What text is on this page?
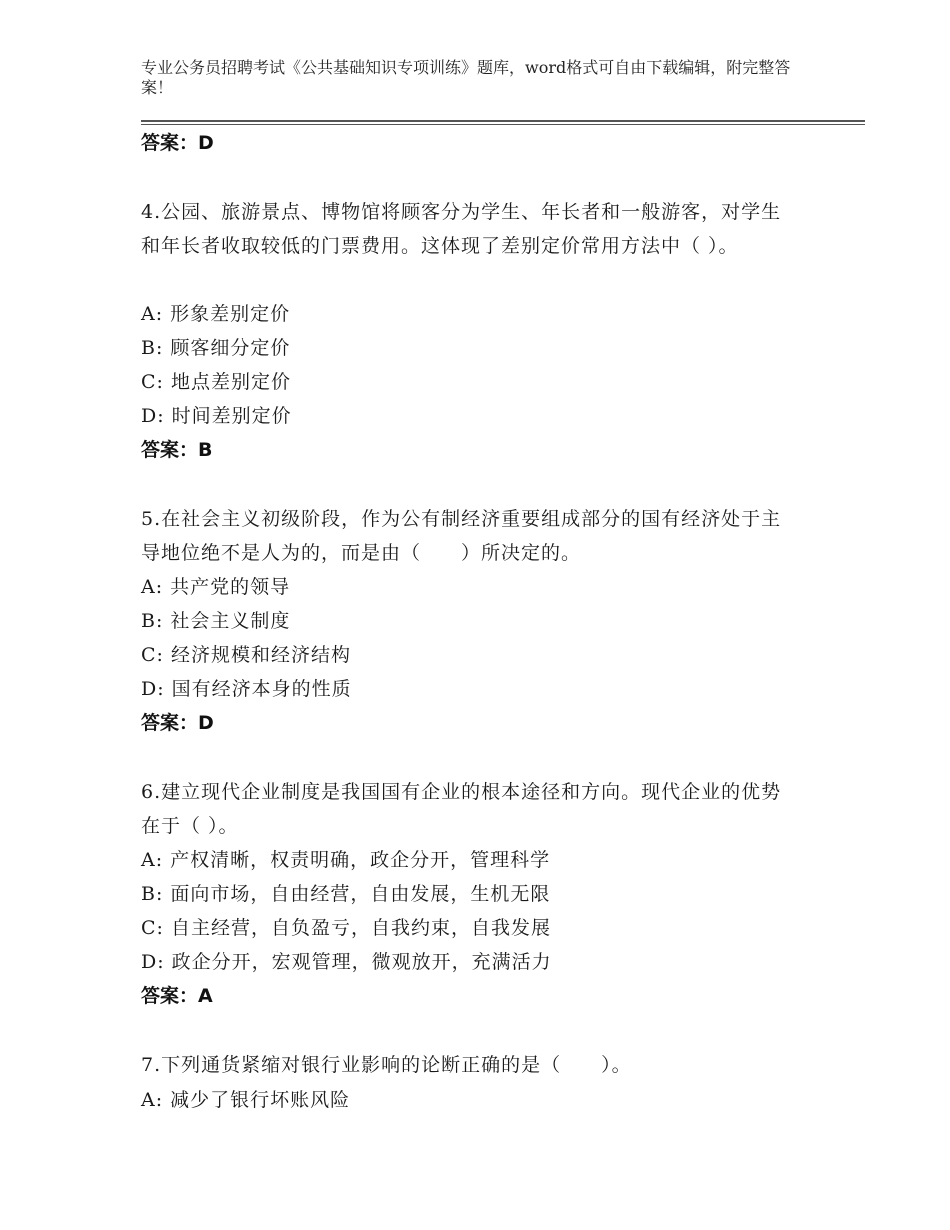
专业公务员招聘考试《公共基础知识专项训练》题库，word格式可自由下载编辑，附完整答案！
答案：D
4.公园、旅游景点、博物馆将顾客分为学生、年长者和一般游客，对学生和年长者收取较低的门票费用。这体现了差别定价常用方法中（ ）。
A: 形象差别定价
B: 顾客细分定价
C: 地点差别定价
D: 时间差别定价
答案：B
5.在社会主义初级阶段，作为公有制经济重要组成部分的国有经济处于主导地位绝不是人为的，而是由（　　）所决定的。
A: 共产党的领导
B: 社会主义制度
C: 经济规模和经济结构
D: 国有经济本身的性质
答案：D
6.建立现代企业制度是我国国有企业的根本途径和方向。现代企业的优势在于（ ）。
A: 产权清晰，权责明确，政企分开，管理科学
B: 面向市场，自由经营，自由发展，生机无限
C: 自主经营，自负盈亏，自我约束，自我发展
D: 政企分开，宏观管理，微观放开，充满活力
答案：A
7.下列通货紧缩对银行业影响的论断正确的是（　　）。
A: 减少了银行坏账风险
